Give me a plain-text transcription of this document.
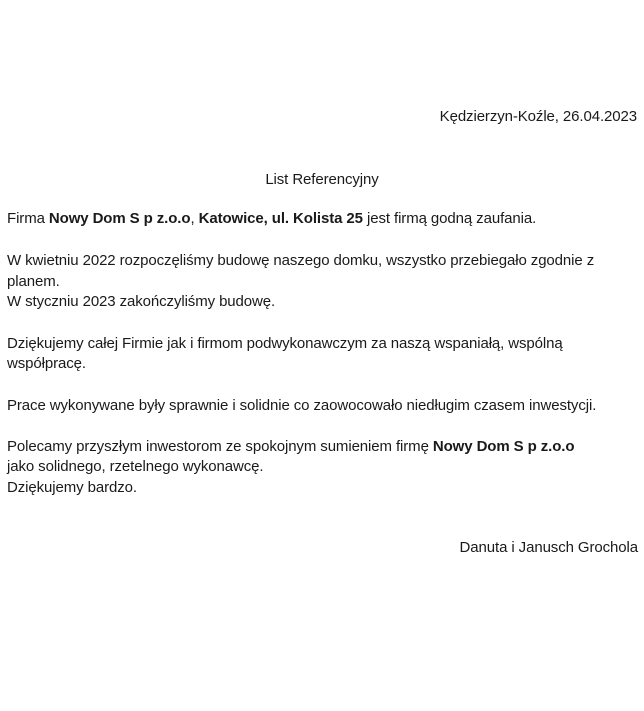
Kędzierzyn-Koźle, 26.04.2023
List Referencyjny
Firma Nowy Dom S p z.o.o, Katowice, ul. Kolista 25 jest firmą godną zaufania.
W kwietniu 2022 rozpoczęliśmy budowę naszego domku, wszystko przebiegało zgodnie z
planem.
W styczniu 2023 zakończyliśmy budowę.
Dziękujemy całej Firmie jak i firmom podwykonawczym za naszą wspaniałą, wspólną
współpracę.
Prace wykonywane były sprawnie i solidnie co zaowocowało niedługim czasem inwestycji.
Polecamy przyszłym inwestorom ze spokojnym sumieniem firmę Nowy Dom S p z.o.o
jako solidnego, rzetelnego wykonawcę.
Dziękujemy bardzo.
Danuta i Janusch Grochola
